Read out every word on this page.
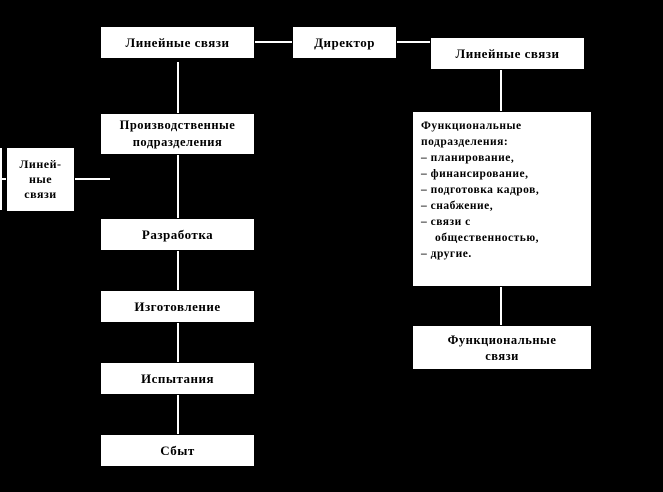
Линейные связи	Директор
Линейные связи
Линей-
ные
связи
Производственные
подразделения
Разработка
Изготовление
Испытания
Сбыт
Функциональные
подразделения:
– планирование,
– финансирование,
– подготовка кадров,
– снабжение,
– связи с
общественностью,
– другие.
Функциональные
связи
